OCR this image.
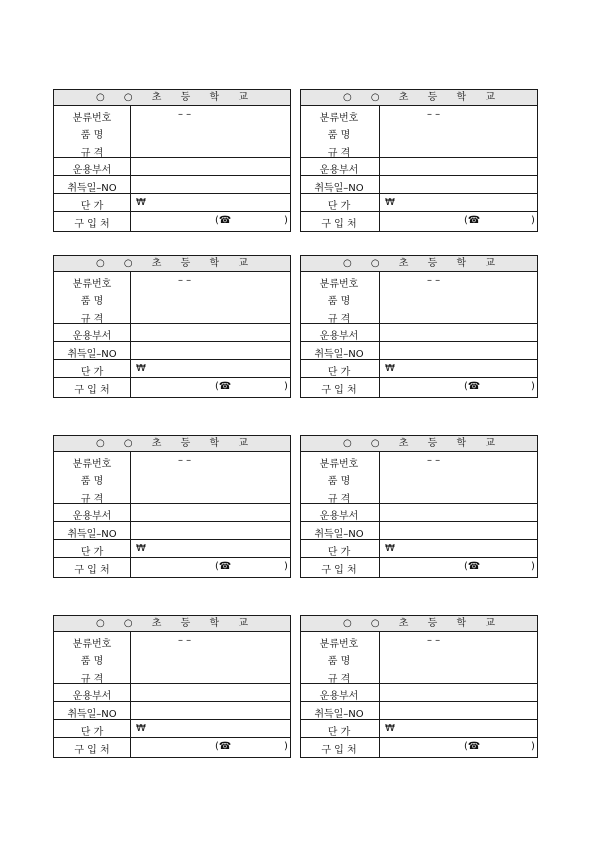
○ ○ 초 등 학 교
분류번호	– –
품 명
규 격
운용부서
취득일–NO
단 가	₩
구 입 처	(☎	)
○ ○ 초 등 학 교
분류번호	– –
품 명
규 격
운용부서
취득일–NO
단 가	₩
구 입 처	(☎	)
○ ○ 초 등 학 교
분류번호	– –
품 명
규 격
운용부서
취득일–NO
단 가	₩
구 입 처	(☎	)
○ ○ 초 등 학 교
분류번호	– –
품 명
규 격
운용부서
취득일–NO
단 가	₩
구 입 처	(☎	)
○ ○ 초 등 학 교
분류번호	– –
품 명
규 격
운용부서
취득일–NO
단 가	₩
구 입 처	(☎	)
○ ○ 초 등 학 교
분류번호	– –
품 명
규 격
운용부서
취득일–NO
단 가	₩
구 입 처	(☎	)
○ ○ 초 등 학 교
분류번호	– –
품 명
규 격
운용부서
취득일–NO
단 가	₩
구 입 처	(☎	)
○ ○ 초 등 학 교
분류번호	– –
품 명
규 격
운용부서
취득일–NO
단 가	₩
구 입 처	(☎	)
